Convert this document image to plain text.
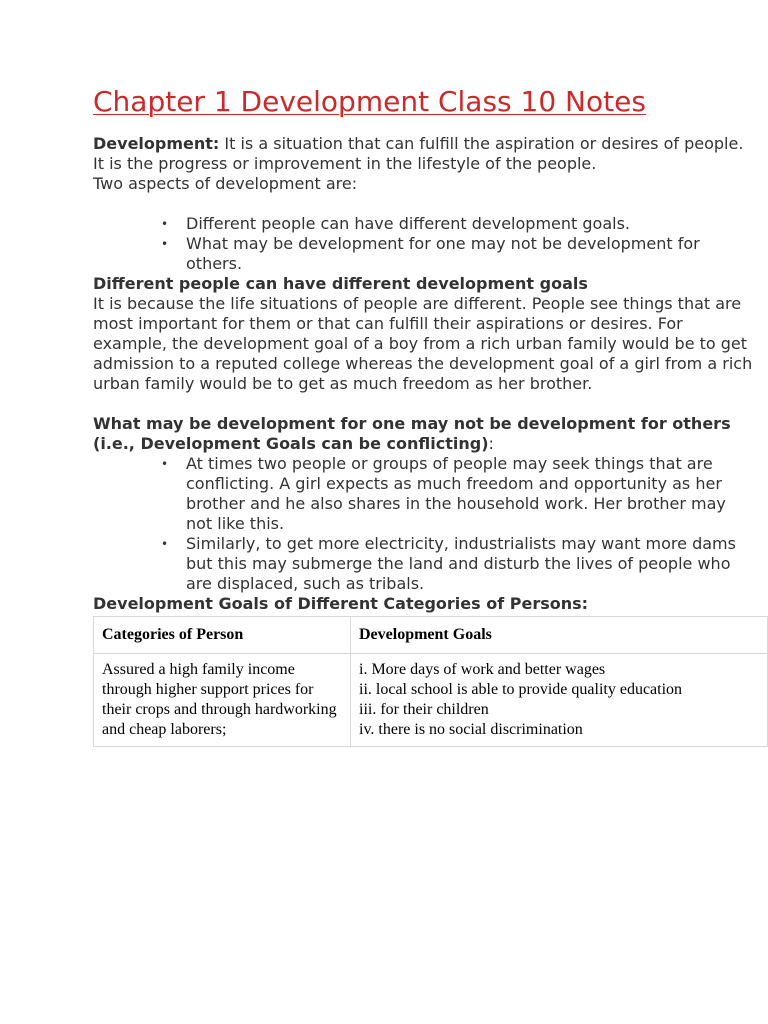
Chapter 1 Development Class 10 Notes

Development: It is a situation that can fulfill the aspiration or desires of people. It is the progress or improvement in the lifestyle of the people.

Two aspects of development are:

• Different people can have different development goals.
• What may be development for one may not be development for others.

Different people can have different development goals

It is because the life situations of people are different. People see things that are most important for them or that can fulfill their aspirations or desires. For example, the development goal of a boy from a rich urban family would be to get admission to a reputed college whereas the development goal of a girl from a rich urban family would be to get as much freedom as her brother.

What may be development for one may not be development for others (i.e., Development Goals can be conflicting):

• At times two people or groups of people may seek things that are conflicting. A girl expects as much freedom and opportunity as her brother and he also shares in the household work. Her brother may not like this.
• Similarly, to get more electricity, industrialists may want more dams but this may submerge the land and disturb the lives of people who are displaced, such as tribals.

Development Goals of Different Categories of Persons:

Categories of Person	Development Goals
Assured a high family income through higher support prices for their crops and through hardworking and cheap laborers;	i. More days of work and better wages
ii. local school is able to provide quality education
iii. for their children
iv. there is no social discrimination
